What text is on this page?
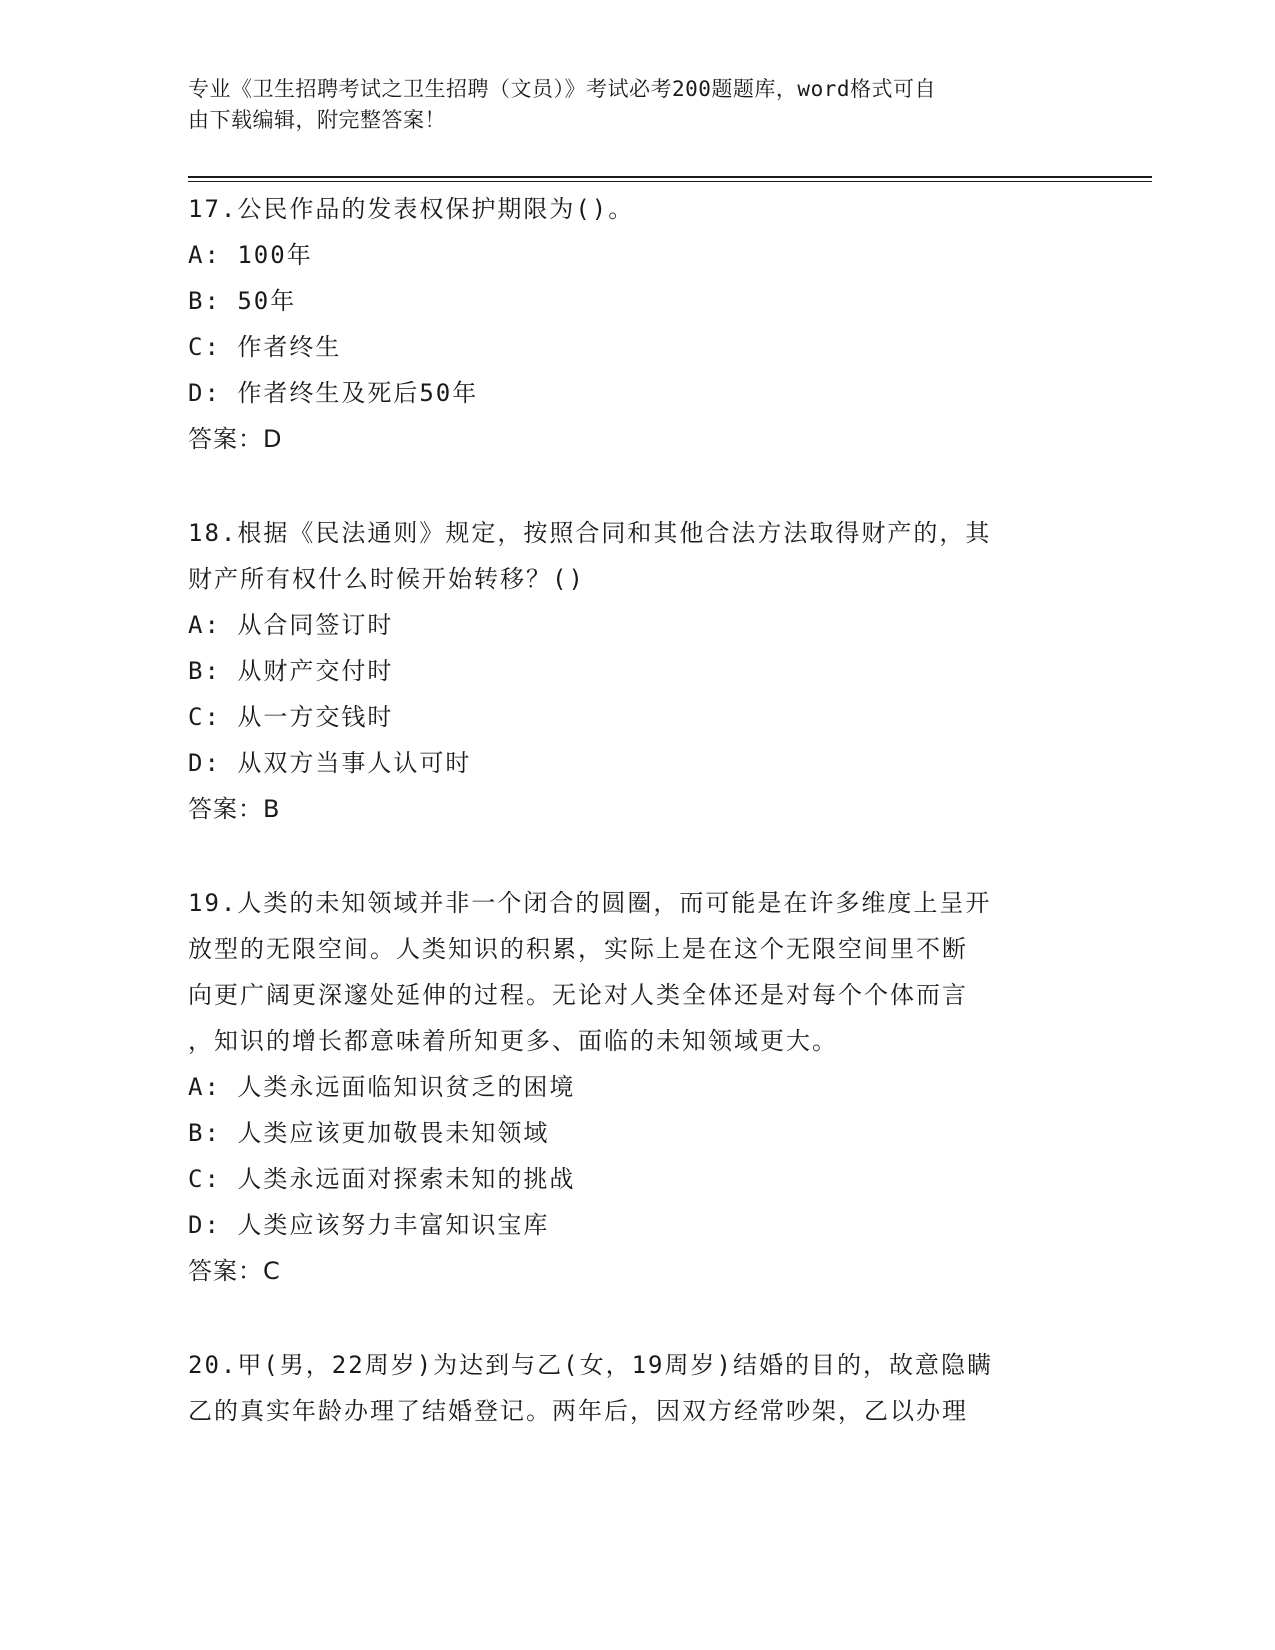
专业《卫生招聘考试之卫生招聘（文员）》考试必考200题题库，word格式可自
由下载编辑，附完整答案！
17.公民作品的发表权保护期限为()。
A: 100年
B: 50年
C: 作者终生
D: 作者终生及死后50年
答案：D
18.根据《民法通则》规定，按照合同和其他合法方法取得财产的，其
财产所有权什么时候开始转移？()
A: 从合同签订时
B: 从财产交付时
C: 从一方交钱时
D: 从双方当事人认可时
答案：B
19.人类的未知领域并非一个闭合的圆圈，而可能是在许多维度上呈开
放型的无限空间。人类知识的积累，实际上是在这个无限空间里不断
向更广阔更深邃处延伸的过程。无论对人类全体还是对每个个体而言
，知识的增长都意味着所知更多、面临的未知领域更大。
A: 人类永远面临知识贫乏的困境
B: 人类应该更加敬畏未知领域
C: 人类永远面对探索未知的挑战
D: 人类应该努力丰富知识宝库
答案：C
20.甲(男，22周岁)为达到与乙(女，19周岁)结婚的目的，故意隐瞒
乙的真实年龄办理了结婚登记。两年后，因双方经常吵架，乙以办理
